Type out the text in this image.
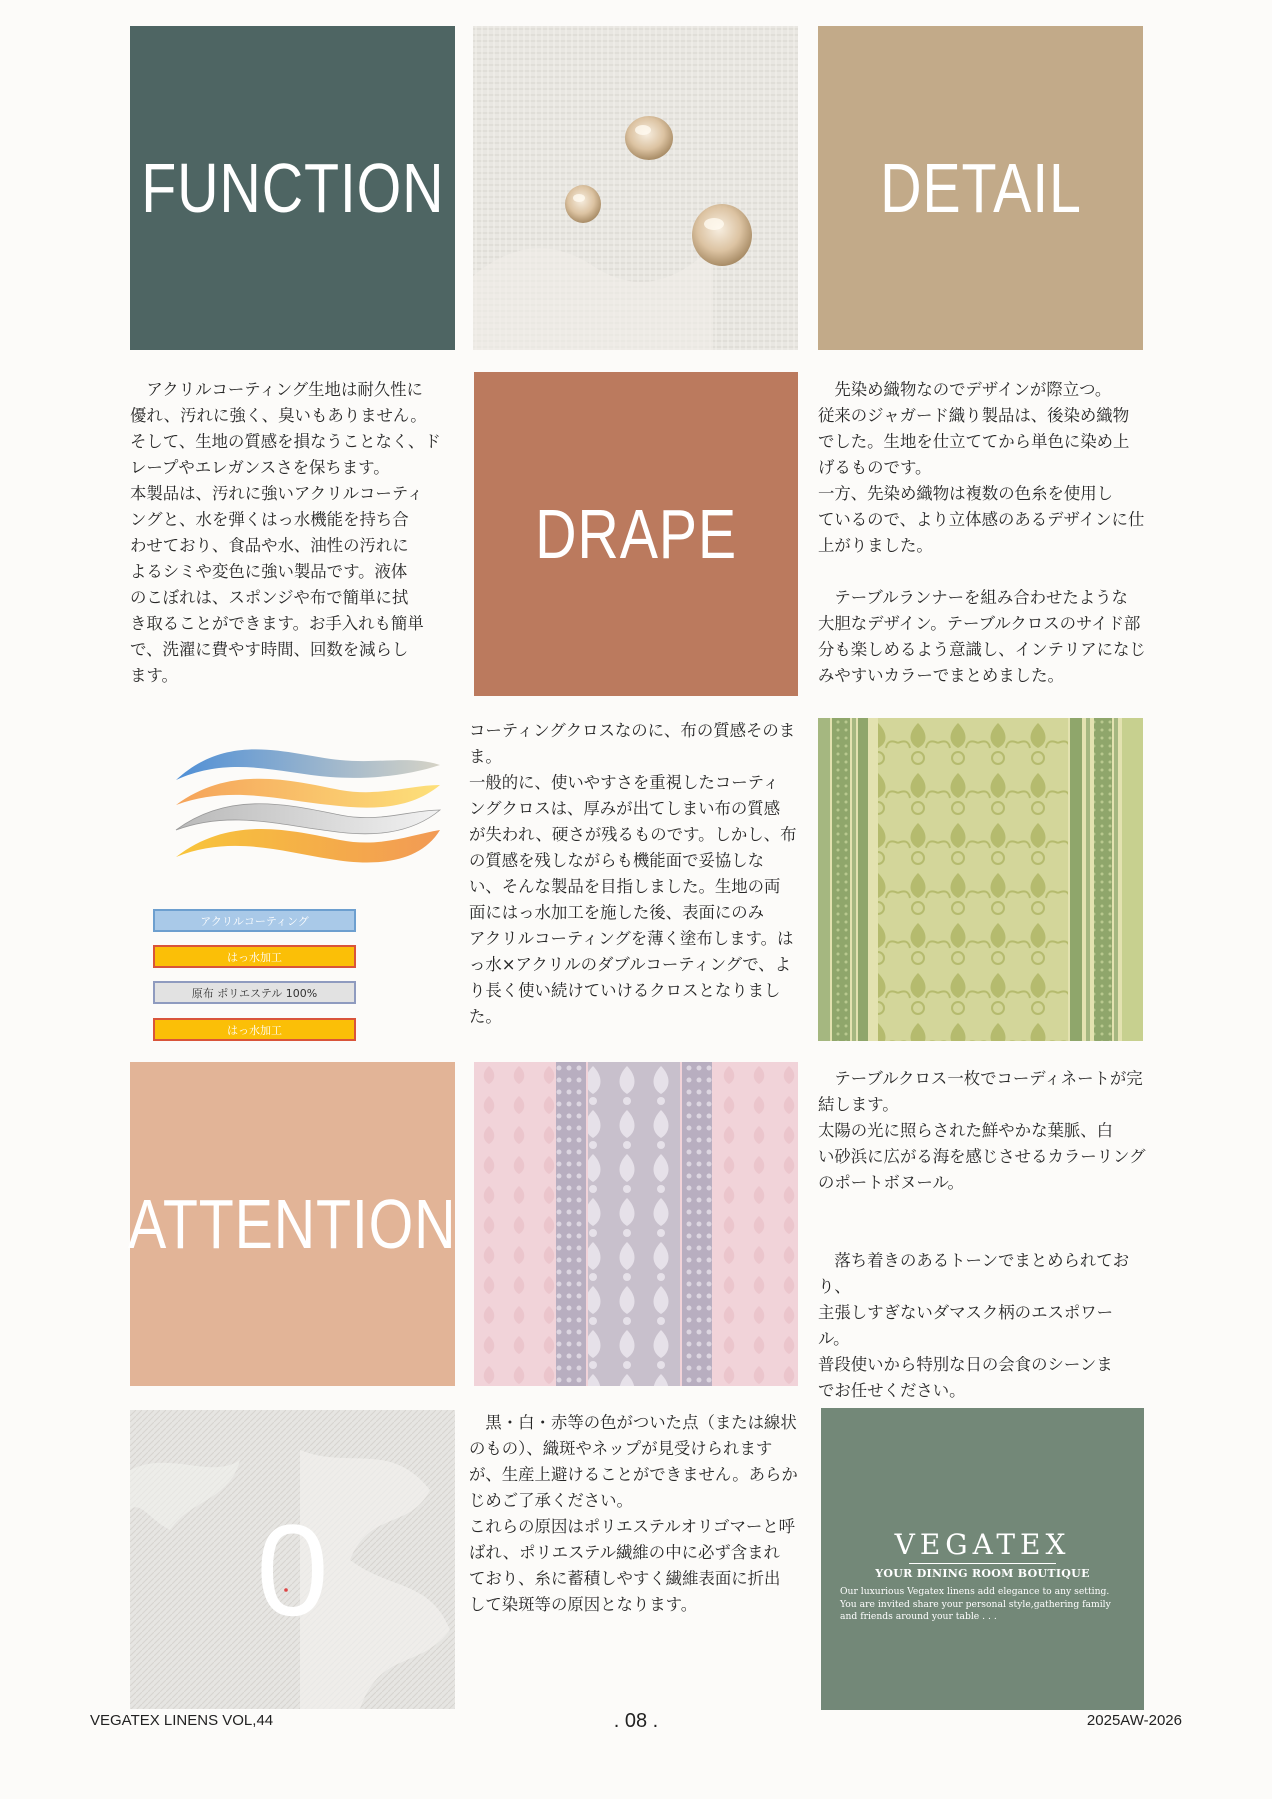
FUNCTION	DETAIL
　アクリルコーティング生地は耐久性に
優れ、汚れに強く、臭いもありません。
そして、生地の質感を損なうことなく、ド
レープやエレガンスさを保ちます。
本製品は、汚れに強いアクリルコーティ
ングと、水を弾くはっ水機能を持ち合
わせており、食品や水、油性の汚れに
よるシミや変色に強い製品です。液体
のこぼれは、スポンジや布で簡単に拭
き取ることができます。お手入れも簡単
で、洗濯に費やす時間、回数を減らし
ます。
DRAPE
　先染め織物なのでデザインが際立つ。
従来のジャガード織り製品は、後染め織物
でした。生地を仕立ててから単色に染め上
げるものです。
一方、先染め織物は複数の色糸を使用し
ているので、より立体感のあるデザインに仕
上がりました。

　テーブルランナーを組み合わせたような
大胆なデザイン。テーブルクロスのサイド部
分も楽しめるよう意識し、インテリアになじ
みやすいカラーでまとめました。
アクリルコーティング
はっ水加工
原布 ポリエステル 100%
はっ水加工
コーティングクロスなのに、布の質感そのま
ま。
一般的に、使いやすさを重視したコーティ
ングクロスは、厚みが出てしまい布の質感
が失われ、硬さが残るものです。しかし、布
の質感を残しながらも機能面で妥協しな
い、そんな製品を目指しました。生地の両
面にはっ水加工を施した後、表面にのみ
アクリルコーティングを薄く塗布します。は
っ水×アクリルのダブルコーティングで、よ
り長く使い続けていけるクロスとなりました。
ATTENTION
　テーブルクロス一枚でコーディネートが完
結します。
太陽の光に照らされた鮮やかな葉脈、白
い砂浜に広がる海を感じさせるカラーリング
のポートボヌール。

　落ち着きのあるトーンでまとめられており、
主張しすぎないダマスク柄のエスポワー
ル。
普段使いから特別な日の会食のシーンま
でお任せください。
0
　黒・白・赤等の色がついた点（または線状
のもの）、織斑やネップが見受けられます
が、生産上避けることができません。あらか
じめご了承ください。
これらの原因はポリエステルオリゴマーと呼
ばれ、ポリエステル繊維の中に必ず含まれ
ており、糸に蓄積しやすく繊維表面に折出
して染斑等の原因となります。
VEGATEX
YOUR DINING ROOM BOUTIQUE
Our luxurious Vegatex linens add elegance to any setting.
You are invited share your personal style,gathering family
and friends around your table . . .
VEGATEX LINENS VOL,44	. 08 .	2025AW-2026
